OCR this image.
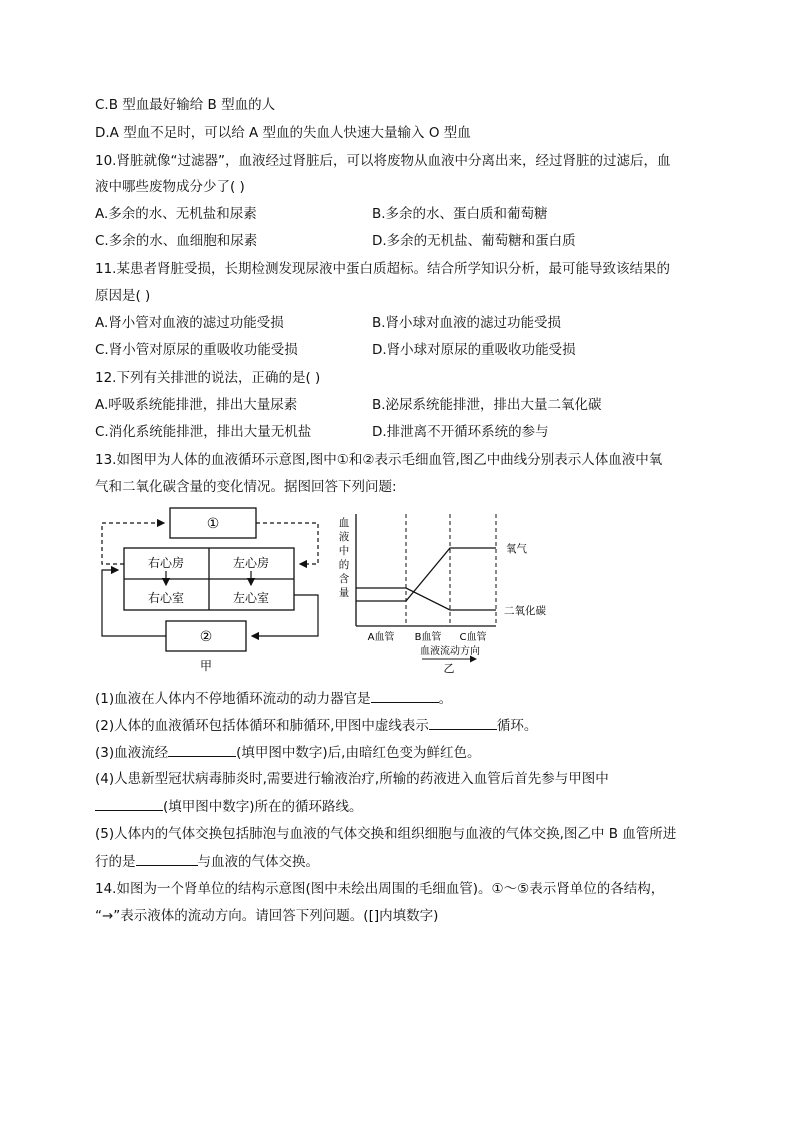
C.B 型血最好输给 B 型血的人
D.A 型血不足时，可以给 A 型血的失血人快速大量输入 O 型血
10.肾脏就像“过滤器”，血液经过肾脏后，可以将废物从血液中分离出来，经过肾脏的过滤后，血
液中哪些废物成分少了( )
A.多余的水、无机盐和尿素	B.多余的水、蛋白质和葡萄糖
C.多余的水、血细胞和尿素	D.多余的无机盐、葡萄糖和蛋白质
11.某患者肾脏受损，长期检测发现尿液中蛋白质超标。结合所学知识分析，最可能导致该结果的
原因是( )
A.肾小管对血液的滤过功能受损	B.肾小球对血液的滤过功能受损
C.肾小管对原尿的重吸收功能受损	D.肾小球对原尿的重吸收功能受损
12.下列有关排泄的说法，正确的是( )
A.呼吸系统能排泄，排出大量尿素	B.泌尿系统能排泄，排出大量二氧化碳
C.消化系统能排泄，排出大量无机盐	D.排泄离不开循环系统的参与
13.如图甲为人体的血液循环示意图,图中①和②表示毛细血管,图乙中曲线分别表示人体血液中氧
气和二氧化碳含量的变化情况。据图回答下列问题:
①
右心房	左心房
右心室	左心室
②
甲
血
液
中
的
含
量
氧气
二氧化碳
A血管 B血管 C血管
血液流动方向
乙
(1)血液在人体内不停地循环流动的动力器官是	。
(2)人体的血液循环包括体循环和肺循环,甲图中虚线表示	循环。
(3)血液流经	(填甲图中数字)后,由暗红色变为鲜红色。
(4)人患新型冠状病毒肺炎时,需要进行输液治疗,所输的药液进入血管后首先参与甲图中
(填甲图中数字)所在的循环路线。
(5)人体内的气体交换包括肺泡与血液的气体交换和组织细胞与血液的气体交换,图乙中 B 血管所进
行的是	与血液的气体交换。
14.如图为一个肾单位的结构示意图(图中未绘出周围的毛细血管)。①～⑤表示肾单位的各结构，
“→”表示液体的流动方向。请回答下列问题。([]内填数字)
